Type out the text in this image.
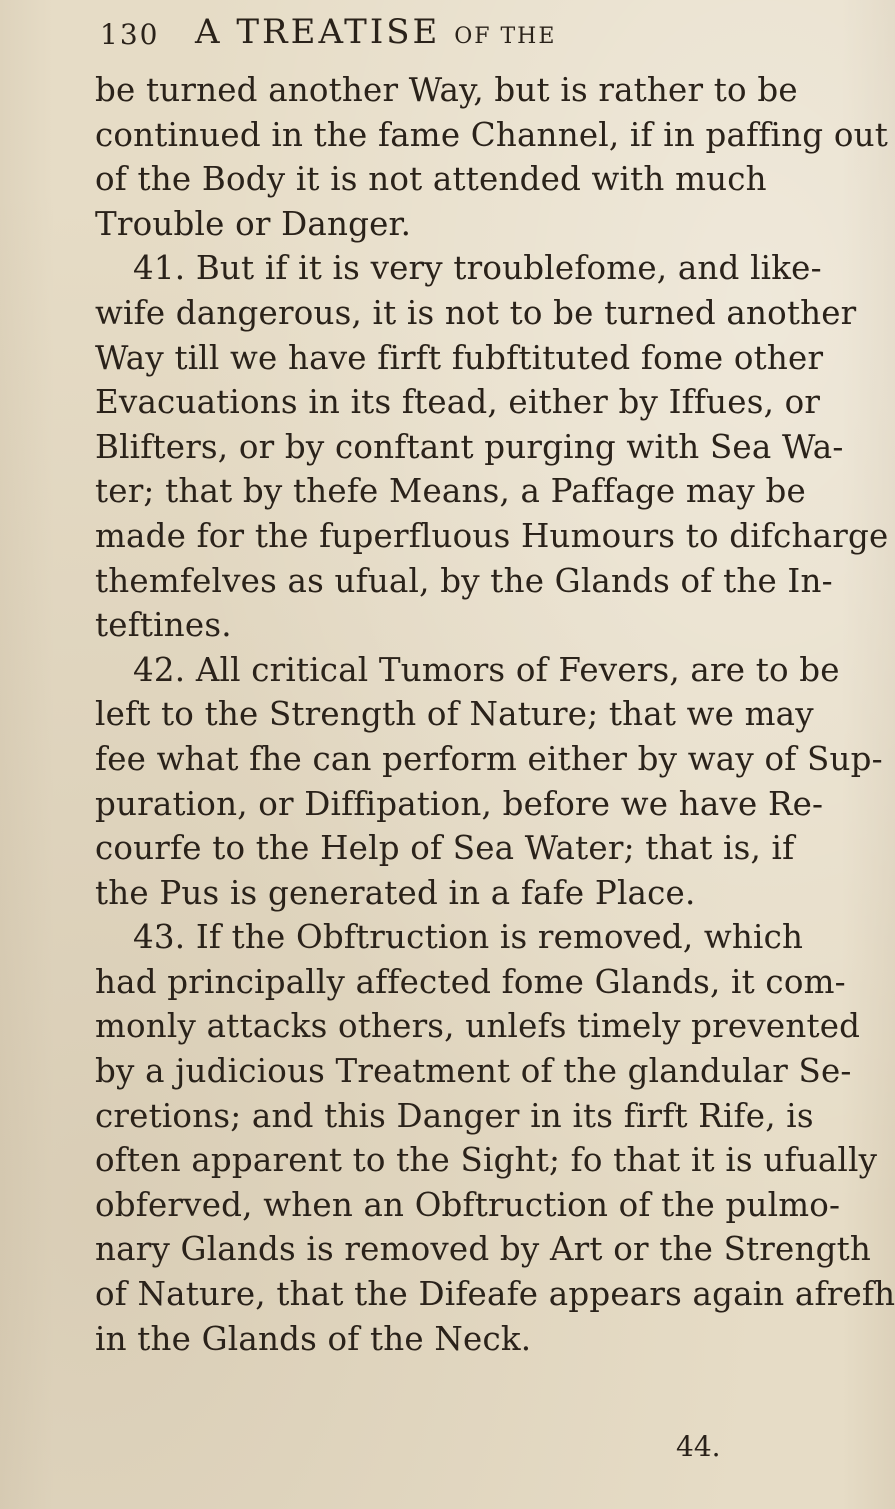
130 A TREATISE OF THE
be turned another Way, but is rather to be
continued in the fame Channel, if in paffing out
of the Body it is not attended with much
Trouble or Danger.
41. But if it is very troublefome, and like-
wife dangerous, it is not to be turned another
Way till we have firft fubftituted fome other
Evacuations in its ftead, either by Iffues, or
Blifters, or by conftant purging with Sea Wa-
ter; that by thefe Means, a Paffage may be
made for the fuperfluous Humours to difcharge
themfelves as ufual, by the Glands of the In-
teftines.
42. All critical Tumors of Fevers, are to be
left to the Strength of Nature; that we may
fee what fhe can perform either by way of Sup-
puration, or Diffipation, before we have Re-
courfe to the Help of Sea Water; that is, if
the Pus is generated in a fafe Place.
43. If the Obftruction is removed, which
had principally affected fome Glands, it com-
monly attacks others, unlefs timely prevented
by a judicious Treatment of the glandular Se-
cretions; and this Danger in its firft Rife, is
often apparent to the Sight; fo that it is ufually
obferved, when an Obftruction of the pulmo-
nary Glands is removed by Art or the Strength
of Nature, that the Difeafe appears again afrefh
in the Glands of the Neck.
44.
